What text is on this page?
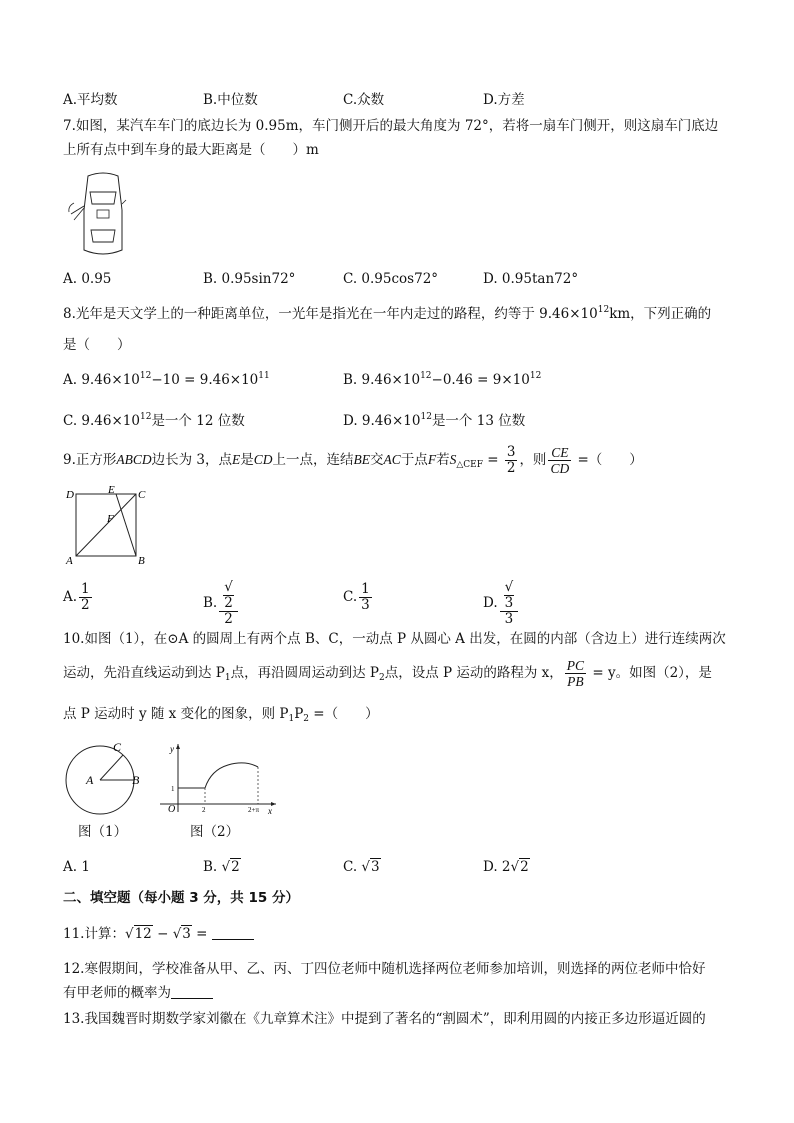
A.平均数	B.中位数	C.众数	D.方差
7.如图，某汽车车门的底边长为 0.95m，车门侧开后的最大角度为 72°，若将一扇车门侧开，则这扇车门底边
上所有点中到车身的最大距离是（　　）m
A. 0.95	B. 0.95sin72°	C. 0.95cos72°	D. 0.95tan72°
8.光年是天文学上的一种距离单位，一光年是指光在一年内走过的路程，约等于 $9.46\times 10^{12}km$，下列正确的
是（　　）
A. $9.46\times 10^{12}-10 = 9.46\times 10^{11}$	B. $9.46\times 10^{12}-0.46 = 9\times 10^{12}$
C. $9.46\times 10^{12}$是一个 12 位数	D. $9.46\times 10^{12}$是一个 13 位数
9.正方形ABCD边长为 3，点E是CD上一点，连结BE交AC于点F若$S_{\triangle CEF} = \frac{3}{2}$ ，则 $\frac{CE}{CD}$ =（　　）
D	E C
F
A	B
A. $\frac{1}{2}$	B. √
2
2	C. $\frac{1}{3}$	D. √
3
3
10.如图（1），在⊙A 的圆周上有两个点 B、C，一动点 P 从圆心 A 出发，在圆的内部（含边上）进行连续两次
运动，先沿直线运动到达 $P_1$点，再沿圆周运动到达 $P_2$点，设点 P 运动的路程为 x， $\frac{PC}{PB} = y$。如图（2），是
点 P 运动时 y 随 x 变化的图象，则 $P_1P_2$ =（　　）
C
A	B
y
1
O	2	2+π x
图（1）	图（2）
A. 1	B. √2	C. √3	D. 2√2
二、填空题（每小题 3 分，共 15 分）
11.计算：√12 − √3 =
12.寒假期间，学校准备从甲、乙、丙、丁四位老师中随机选择两位老师参加培训，则选择的两位老师中恰好
有甲老师的概率为
13.我国魏晋时期数学家刘徽在《九章算术注》中提到了著名的“割圆术”，即利用圆的内接正多边形逼近圆的
